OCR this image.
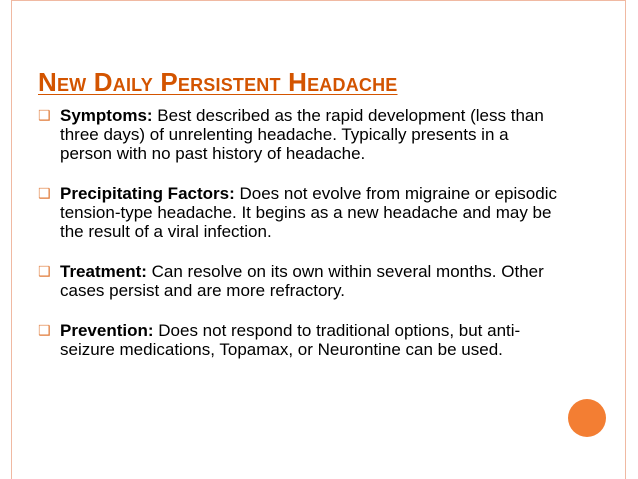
New Daily Persistent Headache
❑ Symptoms: Best described as the rapid development (less than three days) of unrelenting headache. Typically presents in a person with no past history of headache.
❑ Precipitating Factors: Does not evolve from migraine or episodic tension-type headache. It begins as a new headache and may be the result of a viral infection.
❑ Treatment: Can resolve on its own within several months. Other cases persist and are more refractory.
❑ Prevention: Does not respond to traditional options, but anti-seizure medications, Topamax, or Neurontine can be used.
